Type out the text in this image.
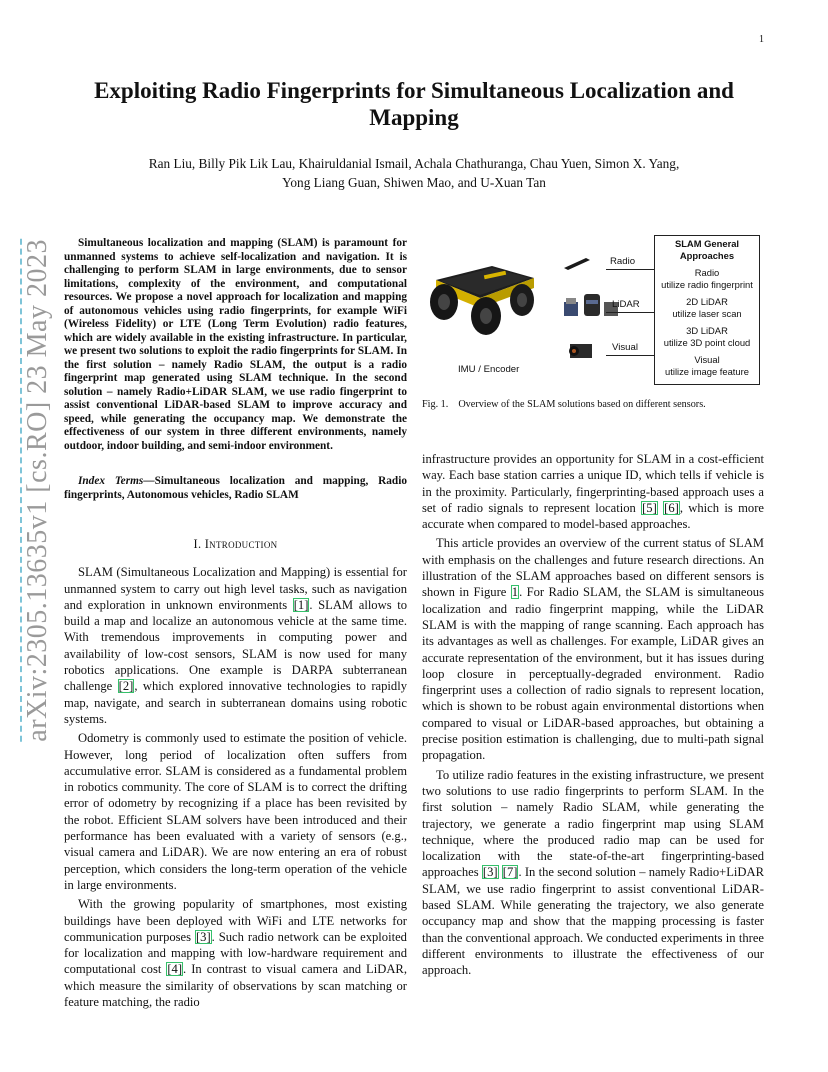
1
arXiv:2305.13635v1 [cs.RO] 23 May 2023
Exploiting Radio Fingerprints for Simultaneous Localization and Mapping
Ran Liu, Billy Pik Lik Lau, Khairuldanial Ismail, Achala Chathuranga, Chau Yuen, Simon X. Yang,
Yong Liang Guan, Shiwen Mao, and U-Xuan Tan

Simultaneous localization and mapping (SLAM) is paramount for unmanned systems to achieve self-localization and navigation. It is challenging to perform SLAM in large environments, due to sensor limitations, complexity of the environment, and computational resources. We propose a novel approach for localization and mapping of autonomous vehicles using radio fingerprints, for example WiFi (Wireless Fidelity) or LTE (Long Term Evolution) radio features, which are widely available in the existing infrastructure. In particular, we present two solutions to exploit the radio fingerprints for SLAM. In the first solution – namely Radio SLAM, the output is a radio fingerprint map generated using SLAM technique. In the second solution – namely Radio+LiDAR SLAM, we use radio fingerprint to assist conventional LiDAR-based SLAM to improve accuracy and speed, while generating the occupancy map. We demonstrate the effectiveness of our system in three different environments, namely outdoor, indoor building, and semi-indoor environment.

Index Terms—Simultaneous localization and mapping, Radio fingerprints, Autonomous vehicles, Radio SLAM

I. Introduction

SLAM (Simultaneous Localization and Mapping) is essential for unmanned system to carry out high level tasks, such as navigation and exploration in unknown environments [1]. SLAM allows to build a map and localize an autonomous vehicle at the same time. With tremendous improvements in computing power and availability of low-cost sensors, SLAM is now used for many robotics applications. One example is DARPA subterranean challenge [2], which explored innovative technologies to rapidly map, navigate, and search in subterranean domains using robotic systems.

Odometry is commonly used to estimate the position of vehicle. However, long period of localization often suffers from accumulative error. SLAM is considered as a fundamental problem in robotics community. The core of SLAM is to correct the drifting error of odometry by recognizing if a place has been revisited by the robot. Efficient SLAM solvers have been introduced and their performance has been evaluated with a variety of sensors (e.g., visual camera and LiDAR). We are now entering an era of robust perception, which considers the long-term operation of the vehicle in large environments.

With the growing popularity of smartphones, most existing buildings have been deployed with WiFi and LTE networks for communication purposes [3]. Such radio network can be exploited for localization and mapping with low-hardware requirement and computational cost [4]. In contrast to visual camera and LiDAR, which measure the similarity of observations by scan matching or feature matching, the radio

Radio
LiDAR
Visual
IMU / Encoder
SLAM General
Approaches
Radio
utilize radio fingerprint
2D LiDAR
utilize laser scan
3D LiDAR
utilize 3D point cloud
Visual
utilize image feature
Fig. 1. Overview of the SLAM solutions based on different sensors.

infrastructure provides an opportunity for SLAM in a cost-efficient way. Each base station carries a unique ID, which tells if vehicle is in the proximity. Particularly, fingerprinting-based approach uses a set of radio signals to represent location [5] [6], which is more accurate when compared to model-based approaches.

This article provides an overview of the current status of SLAM with emphasis on the challenges and future research directions. An illustration of the SLAM approaches based on different sensors is shown in Figure 1. For Radio SLAM, the SLAM is simultaneous localization and radio fingerprint mapping, while the LiDAR SLAM is with the mapping of range scanning. Each approach has its advantages as well as challenges. For example, LiDAR gives an accurate representation of the environment, but it has issues during loop closure in perceptually-degraded environment. Radio fingerprint uses a collection of radio signals to represent location, which is shown to be robust again environmental distortions when compared to visual or LiDAR-based approaches, but obtaining a precise position estimation is challenging, due to multi-path signal propagation.

To utilize radio features in the existing infrastructure, we present two solutions to use radio fingerprints to perform SLAM. In the first solution – namely Radio SLAM, while generating the trajectory, we generate a radio fingerprint map using SLAM technique, where the produced radio map can be used for localization with the state-of-the-art fingerprinting-based approaches [3] [7]. In the second solution – namely Radio+LiDAR SLAM, we use radio fingerprint to assist conventional LiDAR-based SLAM. While generating the trajectory, we also generate occupancy map and show that the mapping processing is faster than the conventional approach. We conducted experiments in three different environments to illustrate the effectiveness of our approach.
